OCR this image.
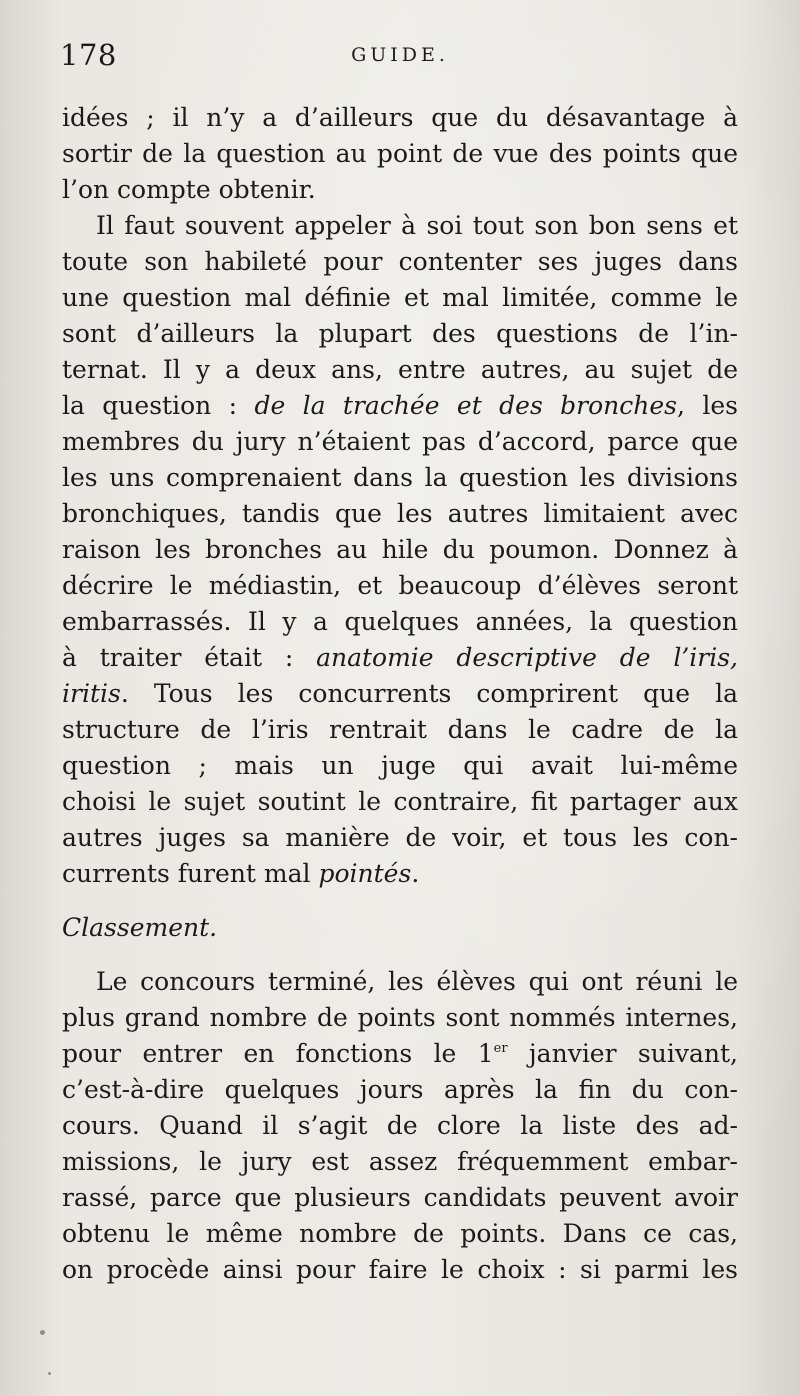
178	GUIDE.

idées ; il n’y a d’ailleurs que du désavantage à

sortir de la question au point de vue des points que

l’on compte obtenir.

Il faut souvent appeler à soi tout son bon sens et

toute son habileté pour contenter ses juges dans

une question mal définie et mal limitée, comme le

sont d’ailleurs la plupart des questions de l’in-

ternat. Il y a deux ans, entre autres, au sujet de

la question : de la trachée et des bronches, les

membres du jury n’étaient pas d’accord, parce que

les uns comprenaient dans la question les divisions

bronchiques, tandis que les autres limitaient avec

raison les bronches au hile du poumon. Donnez à

décrire le médiastin, et beaucoup d’élèves seront

embarrassés. Il y a quelques années, la question

à traiter était : anatomie descriptive de l’iris,

iritis. Tous les concurrents comprirent que la

structure de l’iris rentrait dans le cadre de la

question ; mais un juge qui avait lui-même

choisi le sujet soutint le contraire, fit partager aux

autres juges sa manière de voir, et tous les con-

currents furent mal pointés.

Classement.

Le concours terminé, les élèves qui ont réuni le

plus grand nombre de points sont nommés internes,

pour entrer en fonctions le 1er janvier suivant,

c’est-à-dire quelques jours après la fin du con-

cours. Quand il s’agit de clore la liste des ad-

missions, le jury est assez fréquemment embar-

rassé, parce que plusieurs candidats peuvent avoir

obtenu le même nombre de points. Dans ce cas,

on procède ainsi pour faire le choix : si parmi les
